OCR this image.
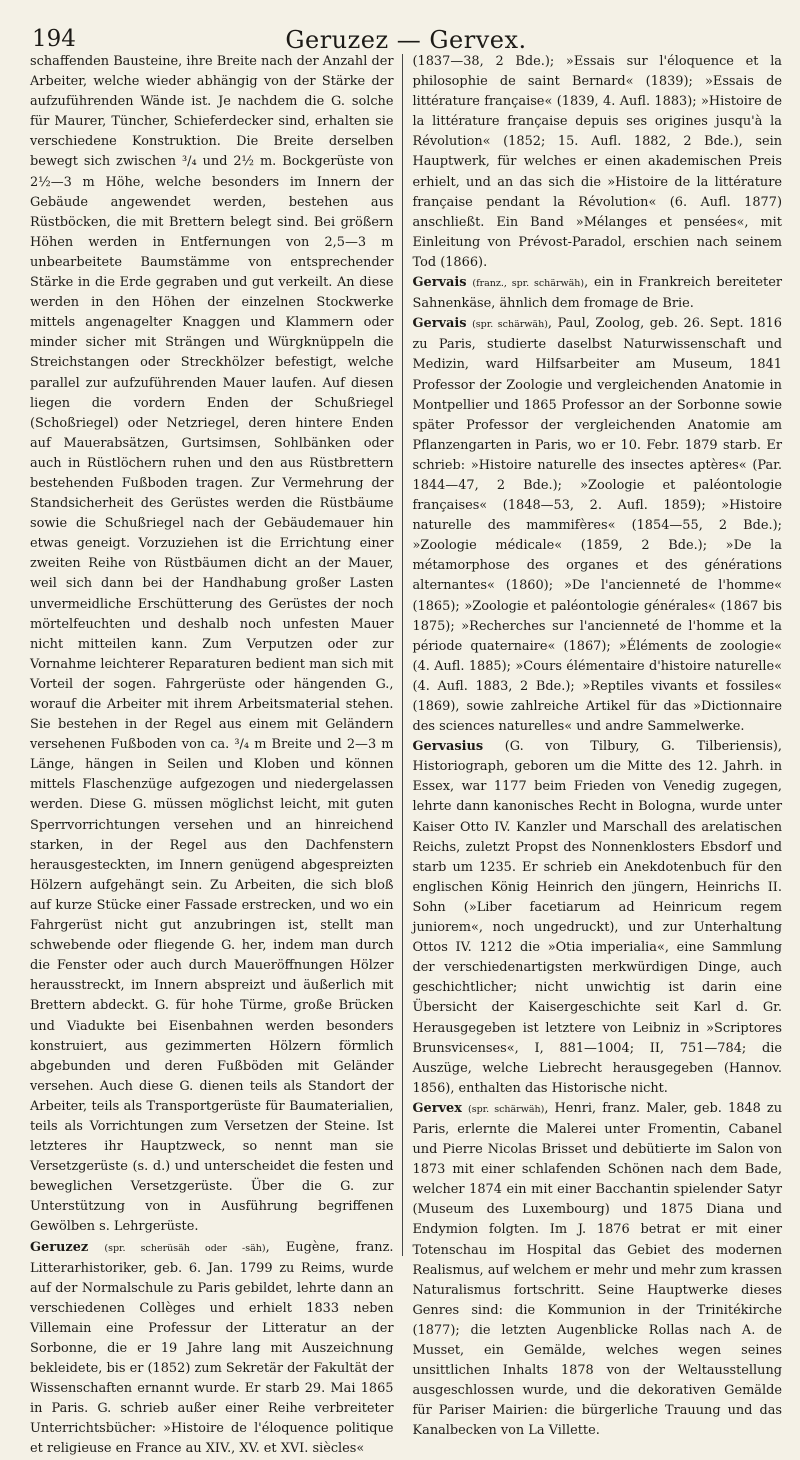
194	Geruzez — Gervex.

schaffenden Bausteine, ihre Breite nach der Anzahl der Arbeiter, welche wieder abhängig von der Stärke der aufzuführenden Wände ist. Je nachdem die G. solche für Maurer, Tüncher, Schieferdecker sind, erhalten sie verschiedene Konstruktion. Die Breite derselben bewegt sich zwischen ³/₄ und 2½ m. Bockgerüste von 2½—3 m Höhe, welche besonders im Innern der Gebäude angewendet werden, bestehen aus Rüstböcken, die mit Brettern belegt sind. Bei größern Höhen werden in Entfernungen von 2,5—3 m unbearbeitete Baumstämme von entsprechender Stärke in die Erde gegraben und gut verkeilt. An diese werden in den Höhen der einzelnen Stockwerke mittels angenagelter Knaggen und Klammern oder minder sicher mit Strängen und Würgknüppeln die Streichstangen oder Streckhölzer befestigt, welche parallel zur aufzuführenden Mauer laufen. Auf diesen liegen die vordern Enden der Schußriegel (Schoßriegel) oder Netzriegel, deren hintere Enden auf Mauerabsätzen, Gurtsimsen, Sohlbänken oder auch in Rüstlöchern ruhen und den aus Rüstbrettern bestehenden Fußboden tragen. Zur Vermehrung der Standsicherheit des Gerüstes werden die Rüstbäume sowie die Schußriegel nach der Gebäudemauer hin etwas geneigt. Vorzuziehen ist die Errichtung einer zweiten Reihe von Rüstbäumen dicht an der Mauer, weil sich dann bei der Handhabung großer Lasten unvermeidliche Erschütterung des Gerüstes der noch mörtelfeuchten und deshalb noch unfesten Mauer nicht mitteilen kann. Zum Verputzen oder zur Vornahme leichterer Reparaturen bedient man sich mit Vorteil der sogen. Fahrgerüste oder hängenden G., worauf die Arbeiter mit ihrem Arbeitsmaterial stehen. Sie bestehen in der Regel aus einem mit Geländern versehenen Fußboden von ca. ³/₄ m Breite und 2—3 m Länge, hängen in Seilen und Kloben und können mittels Flaschenzüge aufgezogen und niedergelassen werden. Diese G. müssen möglichst leicht, mit guten Sperrvorrichtungen versehen und an hinreichend starken, in der Regel aus den Dachfenstern herausgesteckten, im Innern genügend abgespreizten Hölzern aufgehängt sein. Zu Arbeiten, die sich bloß auf kurze Stücke einer Fassade erstrecken, und wo ein Fahrgerüst nicht gut anzubringen ist, stellt man schwebende oder fliegende G. her, indem man durch die Fenster oder auch durch Maueröffnungen Hölzer herausstreckt, im Innern abspreizt und äußerlich mit Brettern abdeckt. G. für hohe Türme, große Brücken und Viadukte bei Eisenbahnen werden besonders konstruiert, aus gezimmerten Hölzern förmlich abgebunden und deren Fußböden mit Geländer versehen. Auch diese G. dienen teils als Standort der Arbeiter, teils als Transportgerüste für Baumaterialien, teils als Vorrichtungen zum Versetzen der Steine. Ist letzteres ihr Hauptzweck, so nennt man sie Versetzgerüste (s. d.) und unterscheidet die festen und beweglichen Versetzgerüste. Über die G. zur Unterstützung von in Ausführung begriffenen Gewölben s. Lehrgerüste.

Geruzez (spr. scherüsäh oder -säh), Eugène, franz. Litterarhistoriker, geb. 6. Jan. 1799 zu Reims, wurde auf der Normalschule zu Paris gebildet, lehrte dann an verschiedenen Collèges und erhielt 1833 neben Villemain eine Professur der Litteratur an der Sorbonne, die er 19 Jahre lang mit Auszeichnung bekleidete, bis er (1852) zum Sekretär der Fakultät der Wissenschaften ernannt wurde. Er starb 29. Mai 1865 in Paris. G. schrieb außer einer Reihe verbreiteter Unterrichtsbücher: »Histoire de l'éloquence politique et religieuse en France au XIV., XV. et XVI. siècles«

(1837—38, 2 Bde.); »Essais sur l'éloquence et la philosophie de saint Bernard« (1839); »Essais de littérature française« (1839, 4. Aufl. 1883); »Histoire de la littérature française depuis ses origines jusqu'à la Révolution« (1852; 15. Aufl. 1882, 2 Bde.), sein Hauptwerk, für welches er einen akademischen Preis erhielt, und an das sich die »Histoire de la littérature française pendant la Révolution« (6. Aufl. 1877) anschließt. Ein Band »Mélanges et pensées«, mit Einleitung von Prévost-Paradol, erschien nach seinem Tod (1866).

Gervais (franz., spr. schärwäh), ein in Frankreich bereiteter Sahnenkäse, ähnlich dem fromage de Brie.

Gervais (spr. schärwäh), Paul, Zoolog, geb. 26. Sept. 1816 zu Paris, studierte daselbst Naturwissenschaft und Medizin, ward Hilfsarbeiter am Museum, 1841 Professor der Zoologie und vergleichenden Anatomie in Montpellier und 1865 Professor an der Sorbonne sowie später Professor der vergleichenden Anatomie am Pflanzengarten in Paris, wo er 10. Febr. 1879 starb. Er schrieb: »Histoire naturelle des insectes aptères« (Par. 1844—47, 2 Bde.); »Zoologie et paléontologie françaises« (1848—53, 2. Aufl. 1859); »Histoire naturelle des mammifères« (1854—55, 2 Bde.); »Zoologie médicale« (1859, 2 Bde.); »De la métamorphose des organes et des générations alternantes« (1860); »De l'ancienneté de l'homme« (1865); »Zoologie et paléontologie générales« (1867 bis 1875); »Recherches sur l'ancienneté de l'homme et la période quaternaire« (1867); »Éléments de zoologie« (4. Aufl. 1885); »Cours élémentaire d'histoire naturelle« (4. Aufl. 1883, 2 Bde.); »Reptiles vivants et fossiles« (1869), sowie zahlreiche Artikel für das »Dictionnaire des sciences naturelles« und andre Sammelwerke.

Gervasius (G. von Tilbury, G. Tilberiensis), Historiograph, geboren um die Mitte des 12. Jahrh. in Essex, war 1177 beim Frieden von Venedig zugegen, lehrte dann kanonisches Recht in Bologna, wurde unter Kaiser Otto IV. Kanzler und Marschall des arelatischen Reichs, zuletzt Propst des Nonnenklosters Ebsdorf und starb um 1235. Er schrieb ein Anekdotenbuch für den englischen König Heinrich den jüngern, Heinrichs II. Sohn (»Liber facetiarum ad Heinricum regem juniorem«, noch ungedruckt), und zur Unterhaltung Ottos IV. 1212 die »Otia imperialia«, eine Sammlung der verschiedenartigsten merkwürdigen Dinge, auch geschichtlicher; nicht unwichtig ist darin eine Übersicht der Kaisergeschichte seit Karl d. Gr. Herausgegeben ist letztere von Leibniz in »Scriptores Brunsvicenses«, I, 881—1004; II, 751—784; die Auszüge, welche Liebrecht herausgegeben (Hannov. 1856), enthalten das Historische nicht.

Gervex (spr. schärwäh), Henri, franz. Maler, geb. 1848 zu Paris, erlernte die Malerei unter Fromentin, Cabanel und Pierre Nicolas Brisset und debütierte im Salon von 1873 mit einer schlafenden Schönen nach dem Bade, welcher 1874 ein mit einer Bacchantin spielender Satyr (Museum des Luxembourg) und 1875 Diana und Endymion folgten. Im J. 1876 betrat er mit einer Totenschau im Hospital das Gebiet des modernen Realismus, auf welchem er mehr und mehr zum krassen Naturalismus fortschritt. Seine Hauptwerke dieses Genres sind: die Kommunion in der Trinitékirche (1877); die letzten Augenblicke Rollas nach A. de Musset, ein Gemälde, welches wegen seines unsittlichen Inhalts 1878 von der Weltausstellung ausgeschlossen wurde, und die dekorativen Gemälde für Pariser Mairien: die bürgerliche Trauung und das Kanalbecken von La Villette.
